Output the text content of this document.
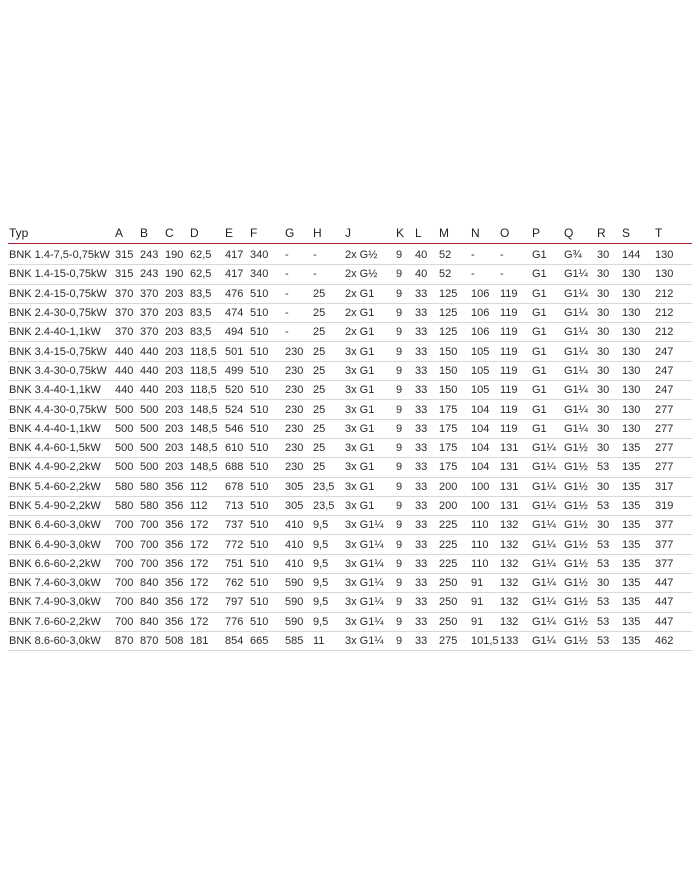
Typ	A	B	C	D	E	F	G	H	J	K	L	M	N	O	P	Q	R	S	T
BNK 1.4-7,5-0,75kW	315	243	190	62,5	417	340	-	-	2x G½	9	40	52	-	-	G1	G¾	30	144	130
BNK 1.4-15-0,75kW	315	243	190	62,5	417	340	-	-	2x G½	9	40	52	-	-	G1	G1¼	30	130	130
BNK 2.4-15-0,75kW	370	370	203	83,5	476	510	-	25	2x G1	9	33	125	106	119	G1	G1¼	30	130	212
BNK 2.4-30-0,75kW	370	370	203	83,5	474	510	-	25	2x G1	9	33	125	106	119	G1	G1¼	30	130	212
BNK 2.4-40-1,1kW	370	370	203	83,5	494	510	-	25	2x G1	9	33	125	106	119	G1	G1¼	30	130	212
BNK 3.4-15-0,75kW	440	440	203	118,5	501	510	230	25	3x G1	9	33	150	105	119	G1	G1¼	30	130	247
BNK 3.4-30-0,75kW	440	440	203	118,5	499	510	230	25	3x G1	9	33	150	105	119	G1	G1¼	30	130	247
BNK 3.4-40-1,1kW	440	440	203	118,5	520	510	230	25	3x G1	9	33	150	105	119	G1	G1¼	30	130	247
BNK 4.4-30-0,75kW	500	500	203	148,5	524	510	230	25	3x G1	9	33	175	104	119	G1	G1¼	30	130	277
BNK 4.4-40-1,1kW	500	500	203	148,5	546	510	230	25	3x G1	9	33	175	104	119	G1	G1¼	30	130	277
BNK 4.4-60-1,5kW	500	500	203	148,5	610	510	230	25	3x G1	9	33	175	104	131	G1¼	G1½	30	135	277
BNK 4.4-90-2,2kW	500	500	203	148,5	688	510	230	25	3x G1	9	33	175	104	131	G1¼	G1½	53	135	277
BNK 5.4-60-2,2kW	580	580	356	112	678	510	305	23,5	3x G1	9	33	200	100	131	G1¼	G1½	30	135	317
BNK 5.4-90-2,2kW	580	580	356	112	713	510	305	23,5	3x G1	9	33	200	100	131	G1¼	G1½	53	135	319
BNK 6.4-60-3,0kW	700	700	356	172	737	510	410	9,5	3x G1¼	9	33	225	110	132	G1¼	G1½	30	135	377
BNK 6.4-90-3,0kW	700	700	356	172	772	510	410	9,5	3x G1¼	9	33	225	110	132	G1¼	G1½	53	135	377
BNK 6.6-60-2,2kW	700	700	356	172	751	510	410	9,5	3x G1¼	9	33	225	110	132	G1¼	G1½	53	135	377
BNK 7.4-60-3,0kW	700	840	356	172	762	510	590	9,5	3x G1¼	9	33	250	91	132	G1¼	G1½	30	135	447
BNK 7.4-90-3,0kW	700	840	356	172	797	510	590	9,5	3x G1¼	9	33	250	91	132	G1¼	G1½	53	135	447
BNK 7.6-60-2,2kW	700	840	356	172	776	510	590	9,5	3x G1¼	9	33	250	91	132	G1¼	G1½	53	135	447
BNK 8.6-60-3,0kW	870	870	508	181	854	665	585	11	3x G1¼	9	33	275	101,5	133	G1¼	G1½	53	135	462
